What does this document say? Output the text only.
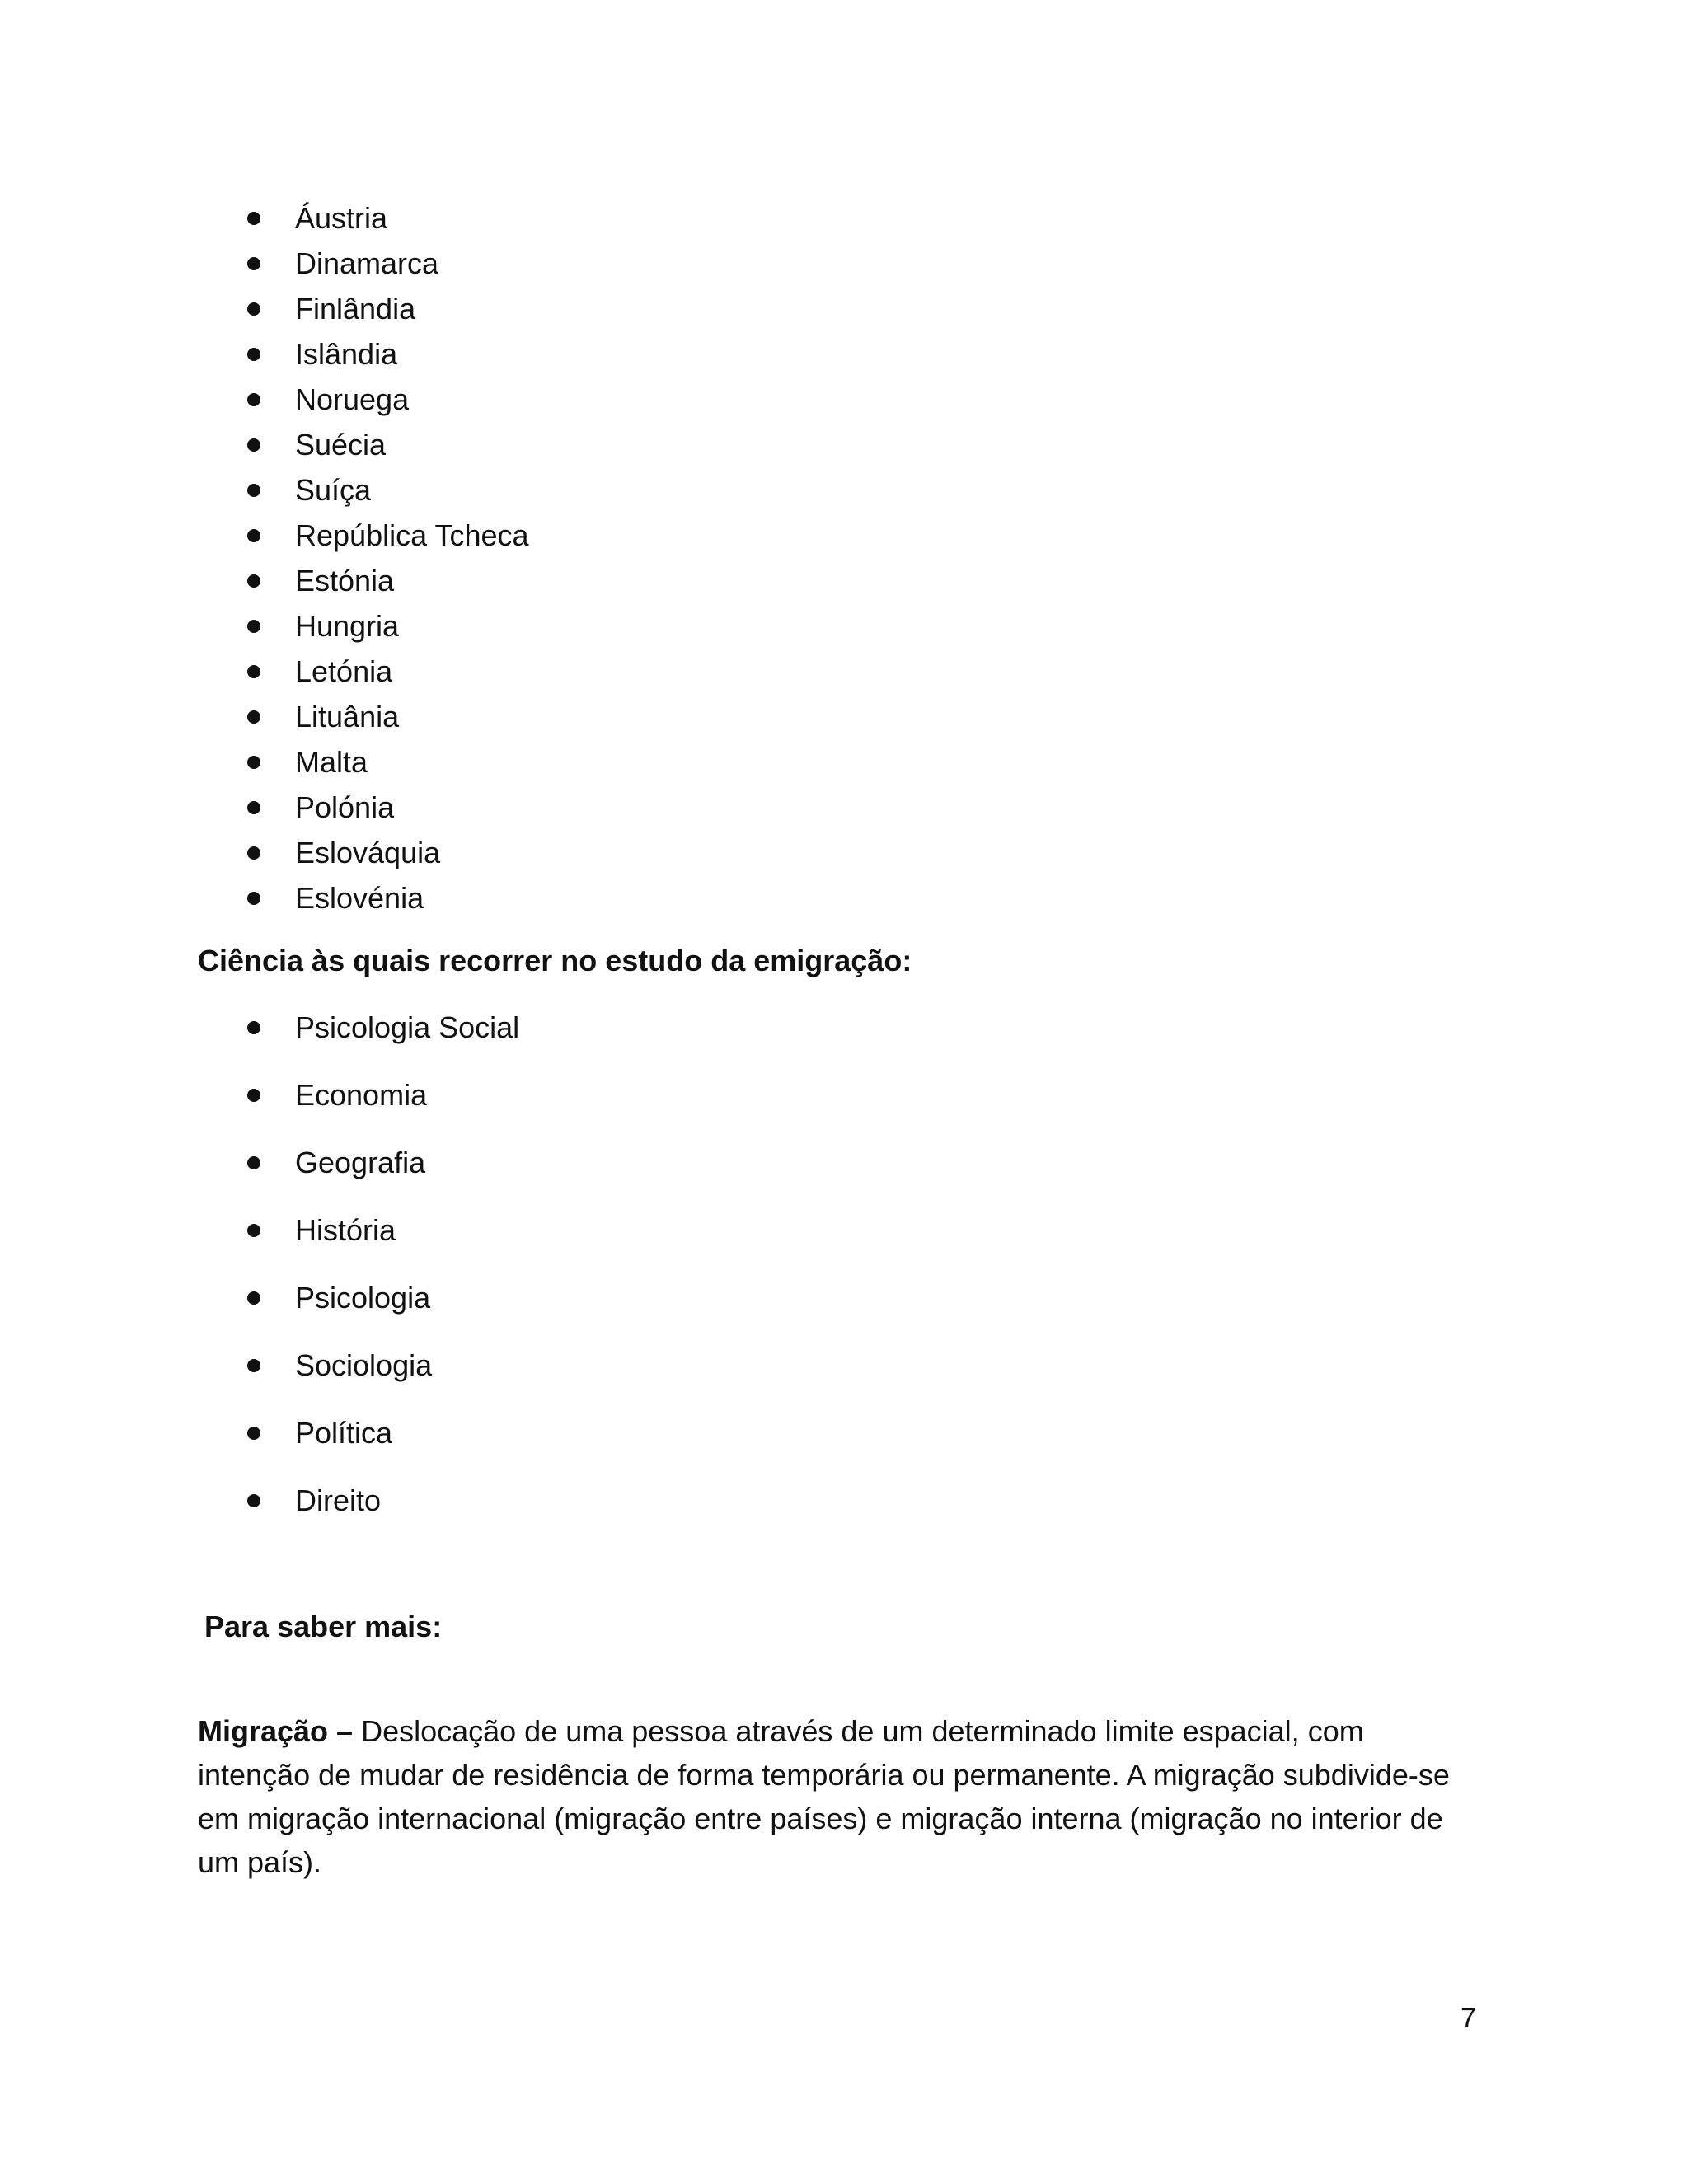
Áustria
Dinamarca
Finlândia
Islândia
Noruega
Suécia
Suíça
República Tcheca
Estónia
Hungria
Letónia
Lituânia
Malta
Polónia
Eslováquia
Eslovénia
Ciência às quais recorrer no estudo da emigração:
Psicologia Social
Economia
Geografia
História
Psicologia
Sociologia
Política
Direito
Para saber mais:

Migração – Deslocação de uma pessoa através de um determinado limite espacial, com intenção de mudar de residência de forma temporária ou permanente. A migração subdivide-se em migração internacional (migração entre países) e migração interna (migração no interior de um país).

7
